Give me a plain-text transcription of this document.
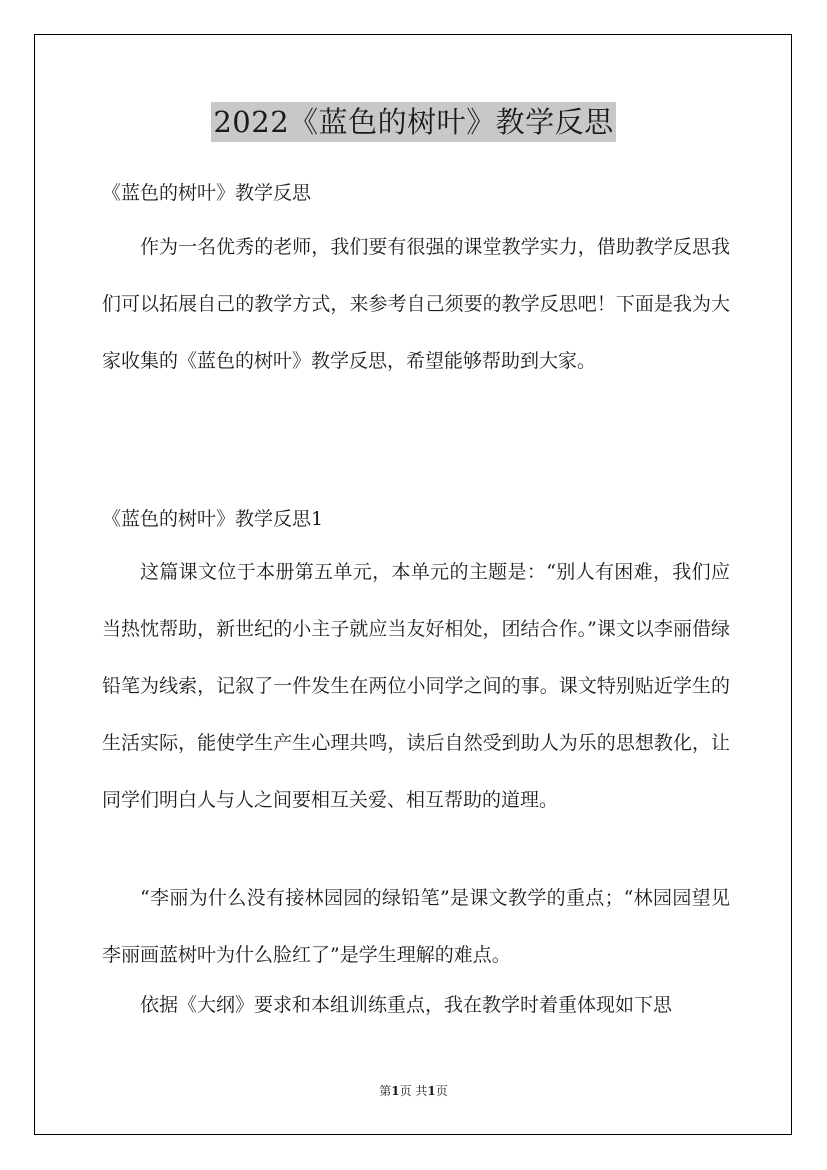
2022《蓝色的树叶》教学反思

《蓝色的树叶》教学反思

作为一名优秀的老师，我们要有很强的课堂教学实力，借助教学反思我们可以拓展自己的教学方式，来参考自己须要的教学反思吧！下面是我为大家收集的《蓝色的树叶》教学反思，希望能够帮助到大家。

《蓝色的树叶》教学反思1

这篇课文位于本册第五单元，本单元的主题是：“别人有困难，我们应当热忱帮助，新世纪的小主子就应当友好相处，团结合作。”课文以李丽借绿铅笔为线索，记叙了一件发生在两位小同学之间的事。课文特别贴近学生的生活实际，能使学生产生心理共鸣，读后自然受到助人为乐的思想教化，让同学们明白人与人之间要相互关爱、相互帮助的道理。

“李丽为什么没有接林园园的绿铅笔”是课文教学的重点；“林园园望见李丽画蓝树叶为什么脸红了”是学生理解的难点。

依据《大纲》要求和本组训练重点，我在教学时着重体现如下思

第1页 共1页
